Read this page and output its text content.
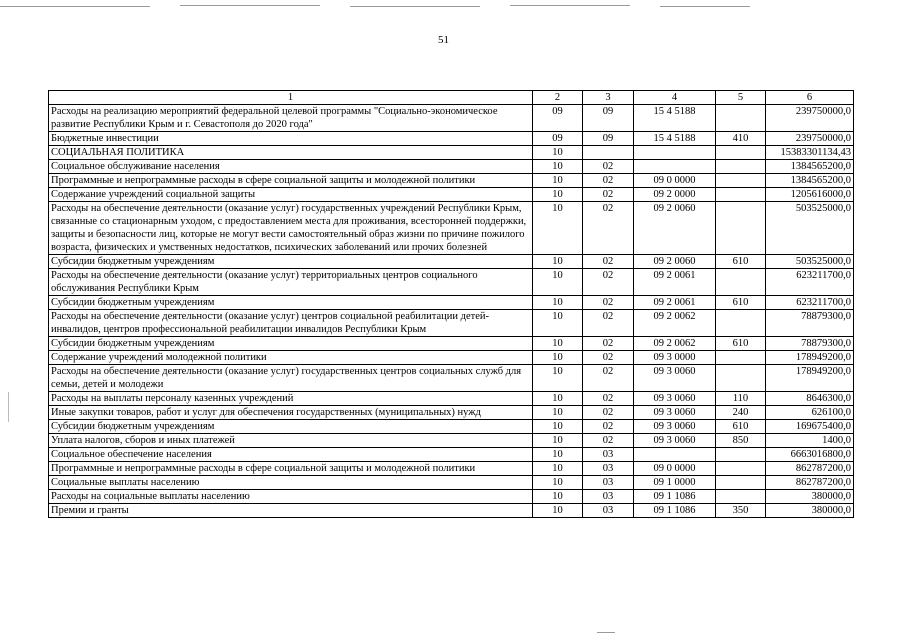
51
1	2	3	4	5	6
Расходы на реализацию мероприятий федеральной целевой программы "Социально-экономическое развитие Республики Крым и г. Севастополя до 2020 года"	09	09	15 4 5188		239750000,0
Бюджетные инвестиции	09	09	15 4 5188	410	239750000,0
СОЦИАЛЬНАЯ ПОЛИТИКА	10				15383301134,43
Социальное обслуживание населения	10	02			1384565200,0
Программные и непрограммные расходы в сфере социальной защиты и молодежной политики	10	02	09 0 0000		1384565200,0
Содержание учреждений социальной защиты	10	02	09 2 0000		1205616000,0
Расходы на обеспечение деятельности (оказание услуг) государственных учреждений Республики Крым, связанные со стационарным уходом, с предоставлением места для проживания, всесторонней поддержки, защиты и безопасности лиц, которые не могут вести самостоятельный образ жизни по причине пожилого возраста, физических и умственных недостатков, психических заболеваний или прочих болезней	10	02	09 2 0060		503525000,0
Субсидии бюджетным учреждениям	10	02	09 2 0060	610	503525000,0
Расходы на обеспечение деятельности (оказание услуг) территориальных центров социального обслуживания Республики Крым	10	02	09 2 0061		623211700,0
Субсидии бюджетным учреждениям	10	02	09 2 0061	610	623211700,0
Расходы на обеспечение деятельности (оказание услуг) центров социальной реабилитации детей-инвалидов, центров профессиональной реабилитации инвалидов Республики Крым	10	02	09 2 0062		78879300,0
Субсидии бюджетным учреждениям	10	02	09 2 0062	610	78879300,0
Содержание учреждений молодежной политики	10	02	09 3 0000		178949200,0
Расходы на обеспечение деятельности (оказание услуг) государственных центров социальных служб для семьи, детей и молодежи	10	02	09 3 0060		178949200,0
Расходы на выплаты персоналу казенных учреждений	10	02	09 3 0060	110	8646300,0
Иные закупки товаров, работ и услуг для обеспечения государственных (муниципальных) нужд	10	02	09 3 0060	240	626100,0
Субсидии бюджетным учреждениям	10	02	09 3 0060	610	169675400,0
Уплата налогов, сборов и иных платежей	10	02	09 3 0060	850	1400,0
Социальное обеспечение населения	10	03			6663016800,0
Программные и непрограммные расходы в сфере социальной защиты и молодежной политики	10	03	09 0 0000		862787200,0
Социальные выплаты населению	10	03	09 1 0000		862787200,0
Расходы на социальные выплаты населению	10	03	09 1 1086		380000,0
Премии и гранты	10	03	09 1 1086	350	380000,0
